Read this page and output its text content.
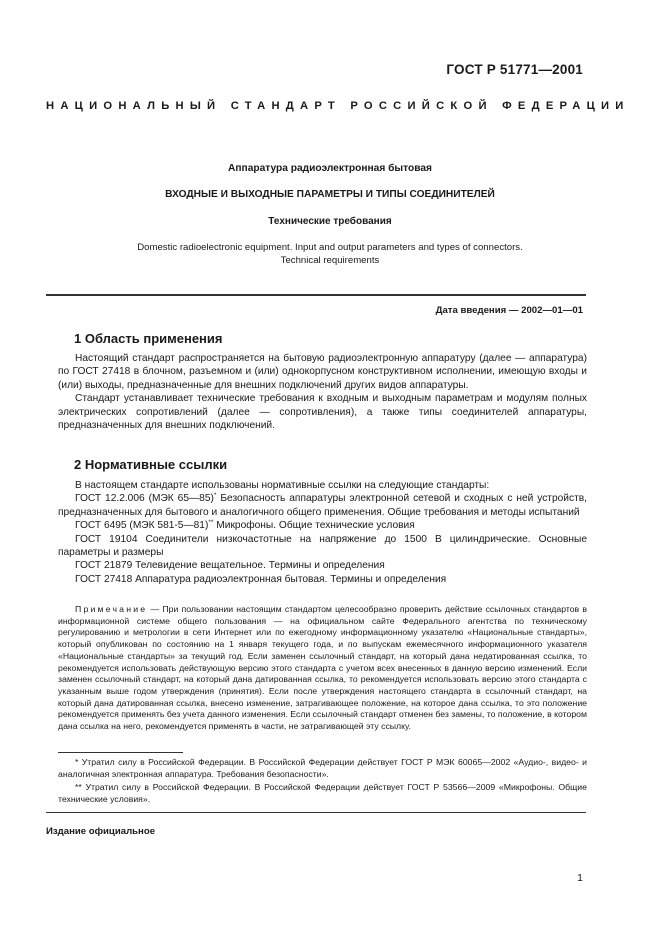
ГОСТ Р 51771—2001
НАЦИОНАЛЬНЫЙ СТАНДАРТ РОССИЙСКОЙ ФЕДЕРАЦИИ
Аппаратура радиоэлектронная бытовая
ВХОДНЫЕ И ВЫХОДНЫЕ ПАРАМЕТРЫ И ТИПЫ СОЕДИНИТЕЛЕЙ
Технические требования
Domestic radioelectronic equipment. Input and output parameters and types of connectors.
Technical requirements
Дата введения — 2002—01—01
1 Область применения

Настоящий стандарт распространяется на бытовую радиоэлектронную аппаратуру (далее — аппаратура) по ГОСТ 27418 в блочном, разъемном и (или) однокорпусном конструктивном исполнении, имеющую входы и (или) выходы, предназначенные для внешних подключений других видов аппаратуры.

Стандарт устанавливает технические требования к входным и выходным параметрам и модулям полных электрических сопротивлений (далее — сопротивления), а также типы соединителей аппаратуры, предназначенных для внешних подключений.

2 Нормативные ссылки

В настоящем стандарте использованы нормативные ссылки на следующие стандарты:

ГОСТ 12.2.006 (МЭК 65—85)* Безопасность аппаратуры электронной сетевой и сходных с ней устройств, предназначенных для бытового и аналогичного общего применения. Общие требования и методы испытаний

ГОСТ 6495 (МЭК 581-5—81)** Микрофоны. Общие технические условия

ГОСТ 19104 Соединители низкочастотные на напряжение до 1500 В цилиндрические. Основные параметры и размеры

ГОСТ 21879 Телевидение вещательное. Термины и определения

ГОСТ 27418 Аппаратура радиоэлектронная бытовая. Термины и определения

Примечание — При пользовании настоящим стандартом целесообразно проверить действие ссылочных стандартов в информационной системе общего пользования — на официальном сайте Федерального агентства по техническому регулированию и метрологии в сети Интернет или по ежегодному информационному указателю «Национальные стандарты», который опубликован по состоянию на 1 января текущего года, и по выпускам ежемесячного информационного указателя «Национальные стандарты» за текущий год. Если заменен ссылочный стандарт, на который дана недатированная ссылка, то рекомендуется использовать действующую версию этого стандарта с учетом всех внесенных в данную версию изменений. Если заменен ссылочный стандарт, на который дана датированная ссылка, то рекомендуется использовать версию этого стандарта с указанным выше годом утверждения (принятия). Если после утверждения настоящего стандарта в ссылочный стандарт, на который дана датированная ссылка, внесено изменение, затрагивающее положение, на которое дана ссылка, то это положение рекомендуется применять без учета данного изменения. Если ссылочный стандарт отменен без замены, то положение, в котором дана ссылка на него, рекомендуется применять в части, не затрагивающей эту ссылку.

* Утратил силу в Российской Федерации. В Российской Федерации действует ГОСТ Р МЭК 60065—2002 «Аудио-, видео- и аналогичная электронная аппаратура. Требования безопасности».

** Утратил силу в Российской Федерации. В Российской Федерации действует ГОСТ Р 53566—2009 «Микрофоны. Общие технические условия».

Издание официальное
1
